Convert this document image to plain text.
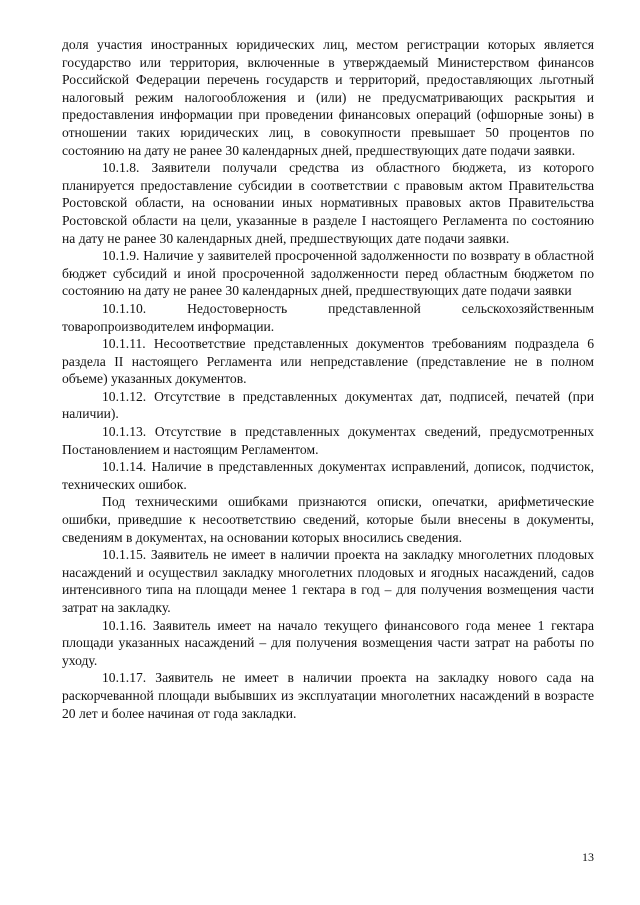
доля участия иностранных юридических лиц, местом регистрации которых является государство или территория, включенные в утверждаемый Министерством финансов Российской Федерации перечень государств и территорий, предоставляющих льготный налоговый режим налогообложения и (или) не предусматривающих раскрытия и предоставления информации при проведении финансовых операций (офшорные зоны) в отношении таких юридических лиц, в совокупности превышает 50 процентов по состоянию на дату не ранее 30 календарных дней, предшествующих дате подачи заявки.

10.1.8. Заявители получали средства из областного бюджета, из которого планируется предоставление субсидии в соответствии с правовым актом Правительства Ростовской области, на основании иных нормативных правовых актов Правительства Ростовской области на цели, указанные в разделе I настоящего Регламента по состоянию на дату не ранее 30 календарных дней, предшествующих дате подачи заявки.

10.1.9. Наличие у заявителей просроченной задолженности по возврату в областной бюджет субсидий и иной просроченной задолженности перед областным бюджетом по состоянию на дату не ранее 30 календарных дней, предшествующих дате подачи заявки

10.1.10. Недостоверность представленной сельскохозяйственным товаропроизводителем информации.

10.1.11. Несоответствие представленных документов требованиям подраздела 6 раздела II настоящего Регламента или непредставление (представление не в полном объеме) указанных документов.

10.1.12. Отсутствие в представленных документах дат, подписей, печатей (при наличии).

10.1.13. Отсутствие в представленных документах сведений, предусмотренных Постановлением и настоящим Регламентом.

10.1.14. Наличие в представленных документах исправлений, дописок, подчисток, технических ошибок.

Под техническими ошибками признаются описки, опечатки, арифметические ошибки, приведшие к несоответствию сведений, которые были внесены в документы, сведениям в документах, на основании которых вносились сведения.

10.1.15. Заявитель не имеет в наличии проекта на закладку многолетних плодовых насаждений и осуществил закладку многолетних плодовых и ягодных насаждений, садов интенсивного типа на площади менее 1 гектара в год – для получения возмещения части затрат на закладку.

10.1.16. Заявитель имеет на начало текущего финансового года менее 1 гектара площади указанных насаждений – для получения возмещения части затрат на работы по уходу.

10.1.17. Заявитель не имеет в наличии проекта на закладку нового сада на раскорчеванной площади выбывших из эксплуатации многолетних насаждений в возрасте 20 лет и более начиная от года закладки.

13
